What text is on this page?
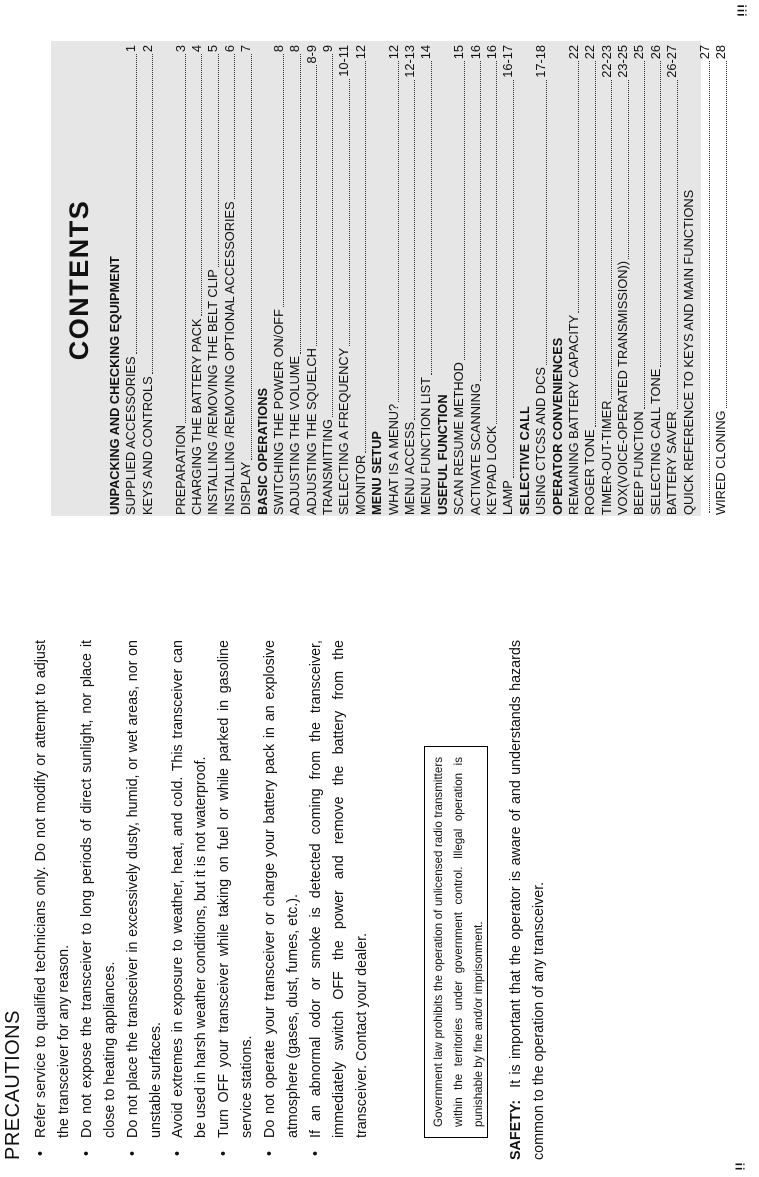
iii
ii
PRECAUTIONS • Refer service to qualified technicians only. Do not modify or attempt to adjust the transceiver for any reason. • Do not expose the transceiver to long periods of direct sunlight, nor place it close to heating appliances. • Do not place the transceiver in excessively dusty, humid, or wet areas, nor on unstable surfaces. • Avoid extremes in exposure to weather, heat, and cold. This transceiver can be used in harsh weather conditions, but it is not waterproof. • Turn OFF your transceiver while taking on fuel or while parked in gasoline service stations. • Do not operate your transceiver or charge your battery pack in an explosive atmosphere (gases, dust, fumes, etc.). • If an abnormal odor or smoke is detected coming from the transceiver, immediately switch OFF the power and remove the battery from the transceiver. Contact your dealer.	Government law prohibits the operation of unlicensed radio transmitters within the territories under government control. Illegal operation is punishable by fine and/or imprisonment.
SAFETY:It is important that the operator is aware of and understands hazards common to the operation of any transceiver.
CONTENTS	UNPACKING AND CHECKING EQUIPMENT SUPPLIED ACCESSORIES
1
KEYS AND CONTROLS
2
PREPARATION
3
CHARGING THE BATTERY PACK
4
INSTALLING /REMOVING THE BELT CLIP
5
INSTALLING /REMOVING OPTIONAL ACCESSORIES
6
DISPLAY
7
BASIC OPERATIONS SWITCHING THE POWER ON/OFF
8
ADJUSTING THE VOLUME
8
ADJUSTING THE SQUELCH
8-9
TRANSMITTING
9
SELECTING A FREQUENCY
10-11
MONITOR
12
MENU SETUP WHAT IS A MENU?
12
MENU ACCESS
12-13
MENU FUNCTION LIST
14
USEFUL FUNCTION SCAN RESUME METHOD
15
ACTIVATE SCANNING
16
KEYPAD LOCK
16
LAMP
16-17
SELECTIVE CALL USING CTCSS AND DCS
17-18
OPERATOR CONVENIENCES REMAINING BATTERY CAPACITY
22
ROGER TONE
22
TIMER-OUT-TIMER
22-23
VOX(VOICE-OPERATED TRANSMISSION))
23-25
BEEP FUNCTION
25
SELECTING CALL TONE
26
BATTERY SAVER
26-27
QUICK REFERENCE TO KEYS AND MAIN FUNCTIONS
27
WIRED CLONING
28
